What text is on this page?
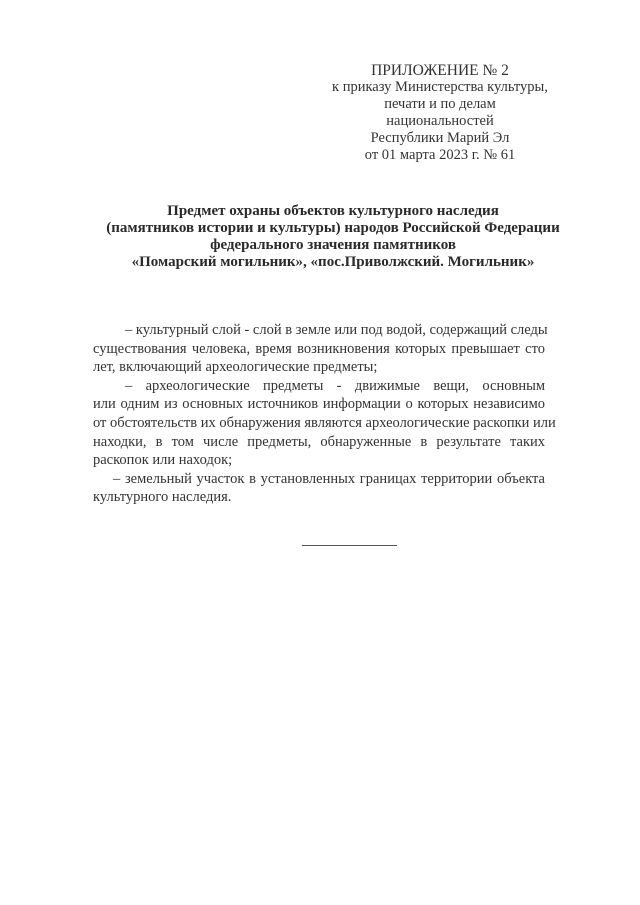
ПРИЛОЖЕНИЕ № 2
к приказу Министерства культуры,
печати и по делам национальностей
Республики Марий Эл
от 01 марта 2023 г. № 61
Предмет охраны объектов культурного наследия
(памятников истории и культуры) народов Российской Федерации
федерального значения памятников
«Помарский могильник», «пос.Приволжский. Могильник»
– культурный слой - слой в земле или под водой, содержащий следы
существования человека, время возникновения которых превышает сто
лет, включающий археологические предметы;
– археологические предметы - движимые вещи, основным
или одним из основных источников информации о которых независимо
от обстоятельств их обнаружения являются археологические раскопки или
находки, в том числе предметы, обнаруженные в результате таких
раскопок или находок;
– земельный участок в установленных границах территории объекта
культурного наследия.
